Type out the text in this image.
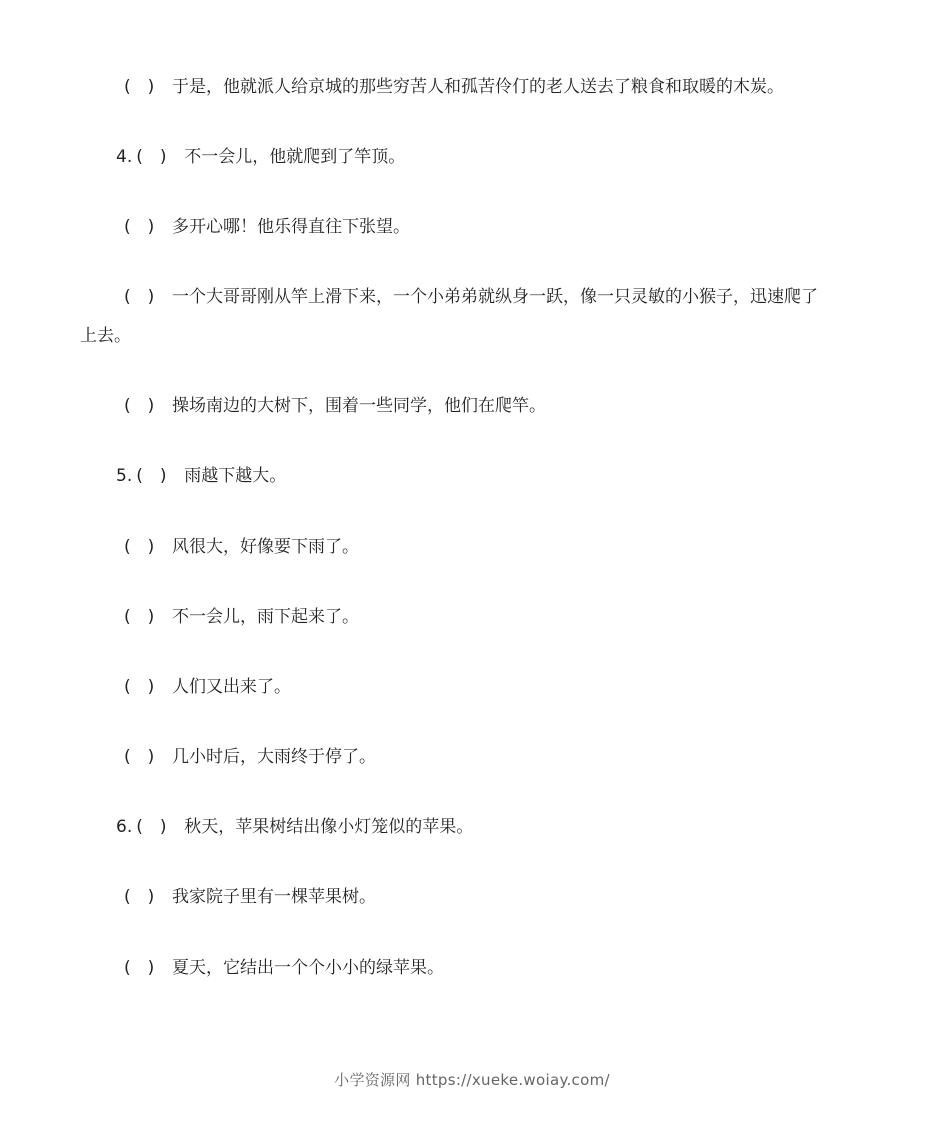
(　) 于是，他就派人给京城的那些穷苦人和孤苦伶仃的老人送去了粮食和取暖的木炭。
4. (　) 不一会儿，他就爬到了竿顶。
(　) 多开心哪！他乐得直往下张望。
(　) 一个大哥哥刚从竿上滑下来，一个小弟弟就纵身一跃，像一只灵敏的小猴子，迅速爬了
上去。
(　) 操场南边的大树下，围着一些同学，他们在爬竿。
5. (　) 雨越下越大。
(　) 风很大，好像要下雨了。
(　) 不一会儿，雨下起来了。
(　) 人们又出来了。
(　) 几小时后，大雨终于停了。
6. (　) 秋天，苹果树结出像小灯笼似的苹果。
(　) 我家院子里有一棵苹果树。
(　) 夏天，它结出一个个小小的绿苹果。
小学资源网 https://xueke.woiay.com/
